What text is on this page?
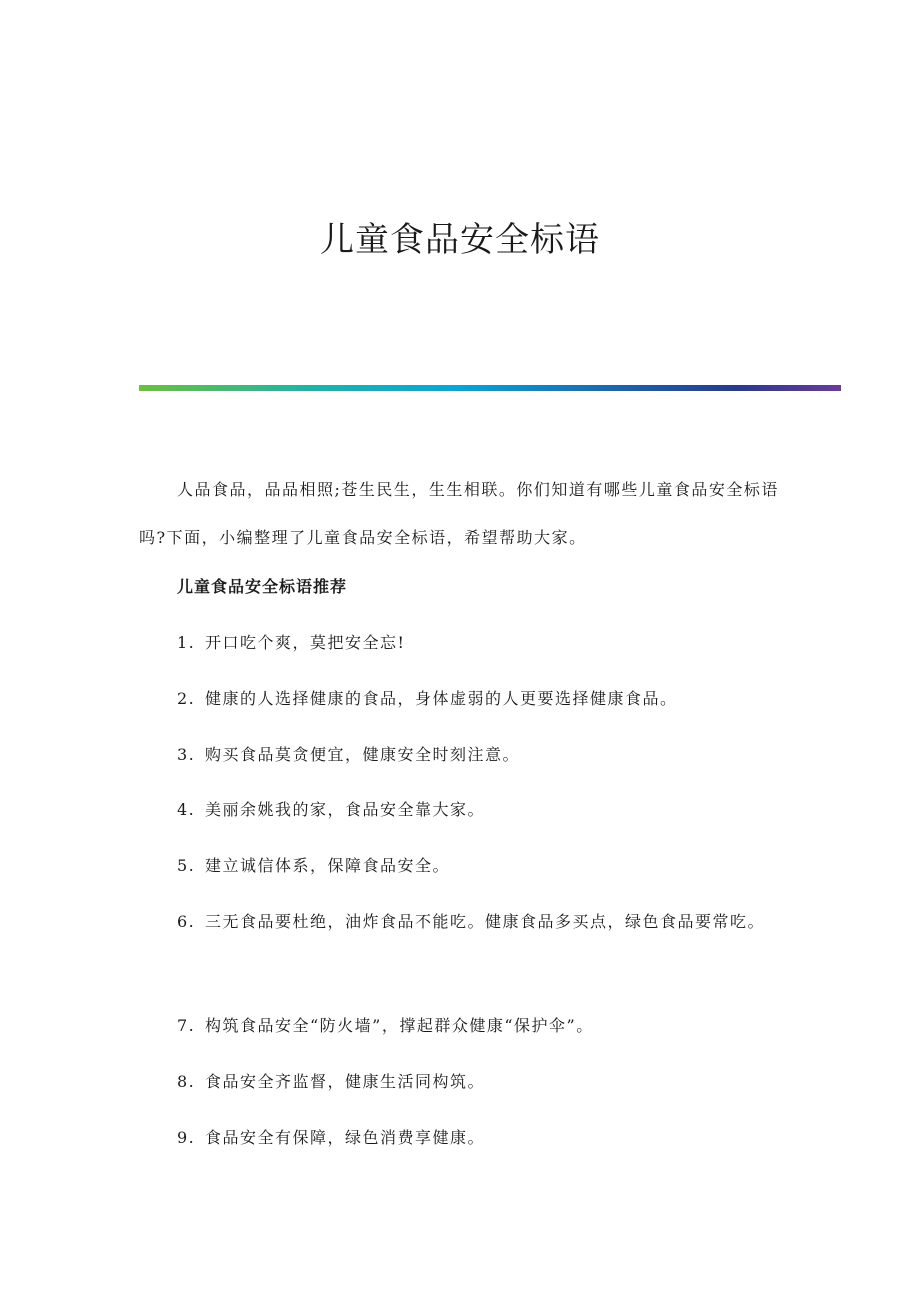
儿童食品安全标语

人品食品，品品相照;苍生民生，生生相联。你们知道有哪些儿童食品安全标语吗?下面，小编整理了儿童食品安全标语，希望帮助大家。

儿童食品安全标语推荐
1. 开口吃个爽，莫把安全忘!
2. 健康的人选择健康的食品，身体虚弱的人更要选择健康食品。
3. 购买食品莫贪便宜，健康安全时刻注意。
4. 美丽余姚我的家，食品安全靠大家。
5. 建立诚信体系，保障食品安全。
6. 三无食品要杜绝，油炸食品不能吃。健康食品多买点，绿色食品要常吃。
7. 构筑食品安全“防火墙”，撑起群众健康“保护伞”。
8. 食品安全齐监督，健康生活同构筑。
9. 食品安全有保障，绿色消费享健康。
